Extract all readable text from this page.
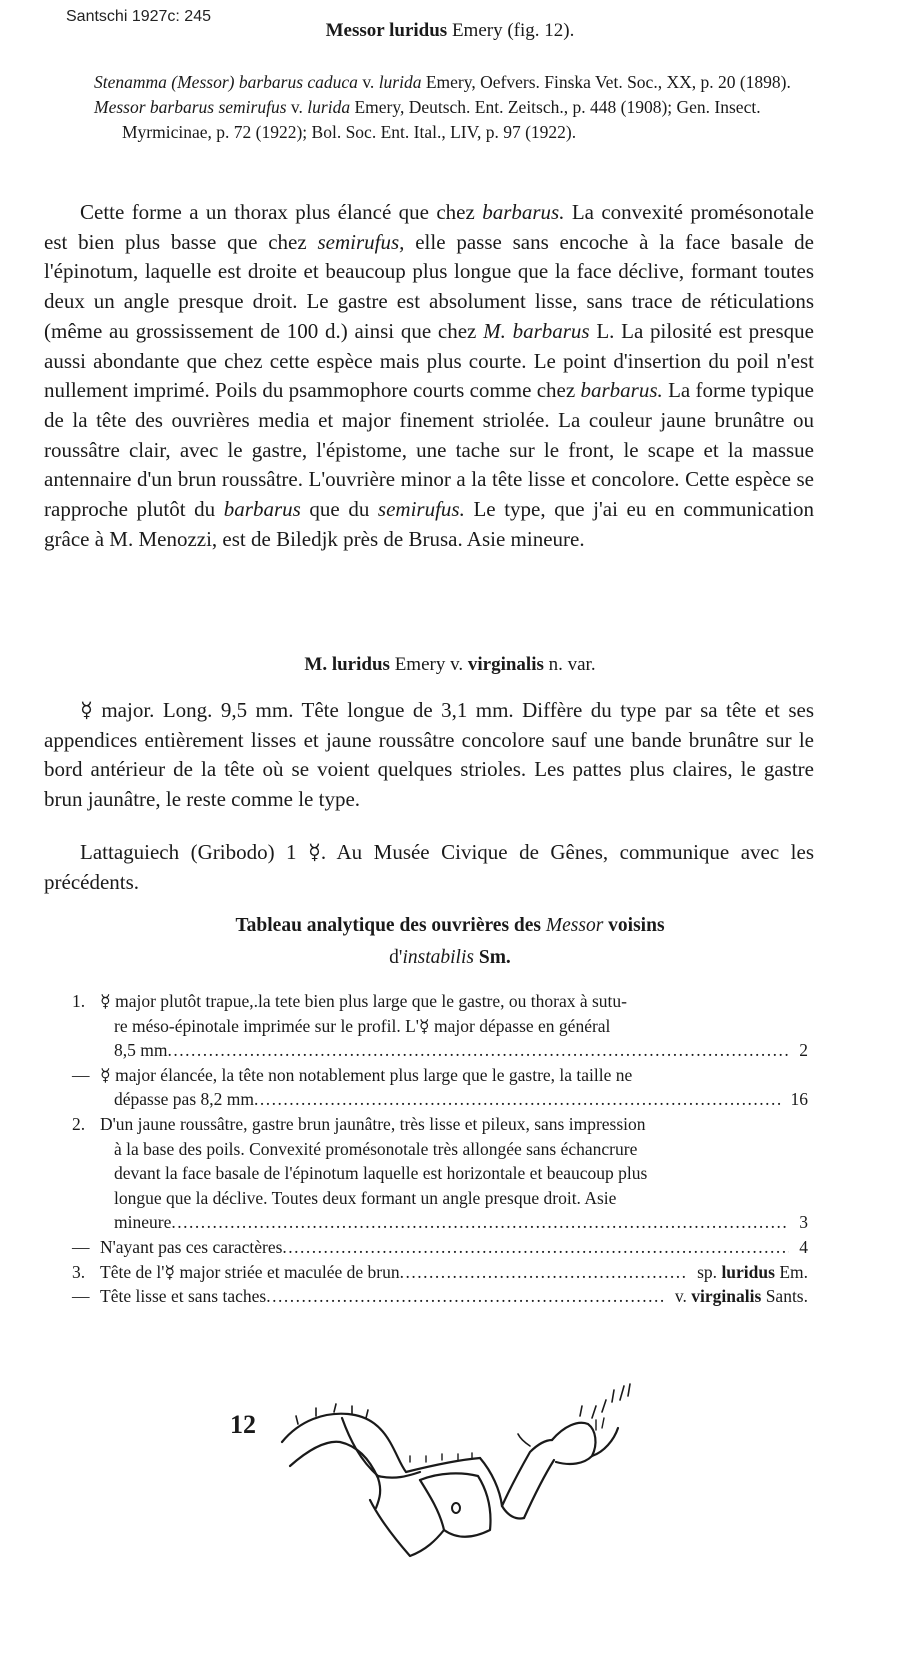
Santschi 1927c: 245
Messor luridus Emery (fig. 12).

Stenamma (Messor) barbarus caduca v. lurida Emery, Oefvers. Finska Vet. Soc., XX, p. 20 (1898).

Messor barbarus semirufus v. lurida Emery, Deutsch. Ent. Zeitsch., p. 448 (1908); Gen. Insect. Myrmicinae, p. 72 (1922); Bol. Soc. Ent. Ital., LIV, p. 97 (1922).

Cette forme a un thorax plus élancé que chez barbarus. La convexité promésonotale est bien plus basse que chez semirufus, elle passe sans encoche à la face basale de l'épinotum, laquelle est droite et beaucoup plus longue que la face déclive, formant toutes deux un angle presque droit. Le gastre est absolument lisse, sans trace de réticulations (même au grossissement de 100 d.) ainsi que chez M. barbarus L. La pilosité est presque aussi abondante que chez cette espèce mais plus courte. Le point d'insertion du poil n'est nullement imprimé. Poils du psammophore courts comme chez barbarus. La forme typique de la tête des ouvrières media et major finement striolée. La couleur jaune brunâtre ou roussâtre clair, avec le gastre, l'épistome, une tache sur le front, le scape et la massue antennaire d'un brun roussâtre. L'ouvrière minor a la tête lisse et concolore. Cette espèce se rapproche plutôt du barbarus que du semirufus. Le type, que j'ai eu en communication grâce à M. Menozzi, est de Biledjk près de Brusa. Asie mineure.

M. luridus Emery v. virginalis n. var.

☿ major. Long. 9,5 mm. Tête longue de 3,1 mm. Diffère du type par sa tête et ses appendices entièrement lisses et jaune roussâtre concolore sauf une bande brunâtre sur le bord antérieur de la tête où se voient quelques strioles. Les pattes plus claires, le gastre brun jaunâtre, le reste comme le type.

Lattaguiech (Gribodo) 1 ☿. Au Musée Civique de Gênes, communique avec les précédents.

Tableau analytique des ouvrières des Messor voisins
d'instabilis Sm.
1. ☿ major plutôt trapue,.la tete bien plus large que le gastre, ou thorax à sutu-
re méso-épinotale imprimée sur le profil. L'☿ major dépasse en général
8,5 mm .....	2
— ☿ major élancée, la tête non notablement plus large que le gastre, la taille ne
dépasse pas 8,2 mm .....	16
2. D'un jaune roussâtre, gastre brun jaunâtre, très lisse et pileux, sans impression
à la base des poils. Convexité promésonotale très allongée sans échancrure
devant la face basale de l'épinotum laquelle est horizontale et beaucoup plus
longue que la déclive. Toutes deux formant un angle presque droit. Asie
mineure .....	3
— N'ayant pas ces caractères .....	4
3. Tête de l'☿ major striée et maculée de brun .....	sp. luridus Em.
— Tête lisse et sans taches .....	v. virginalis Sants.
12
